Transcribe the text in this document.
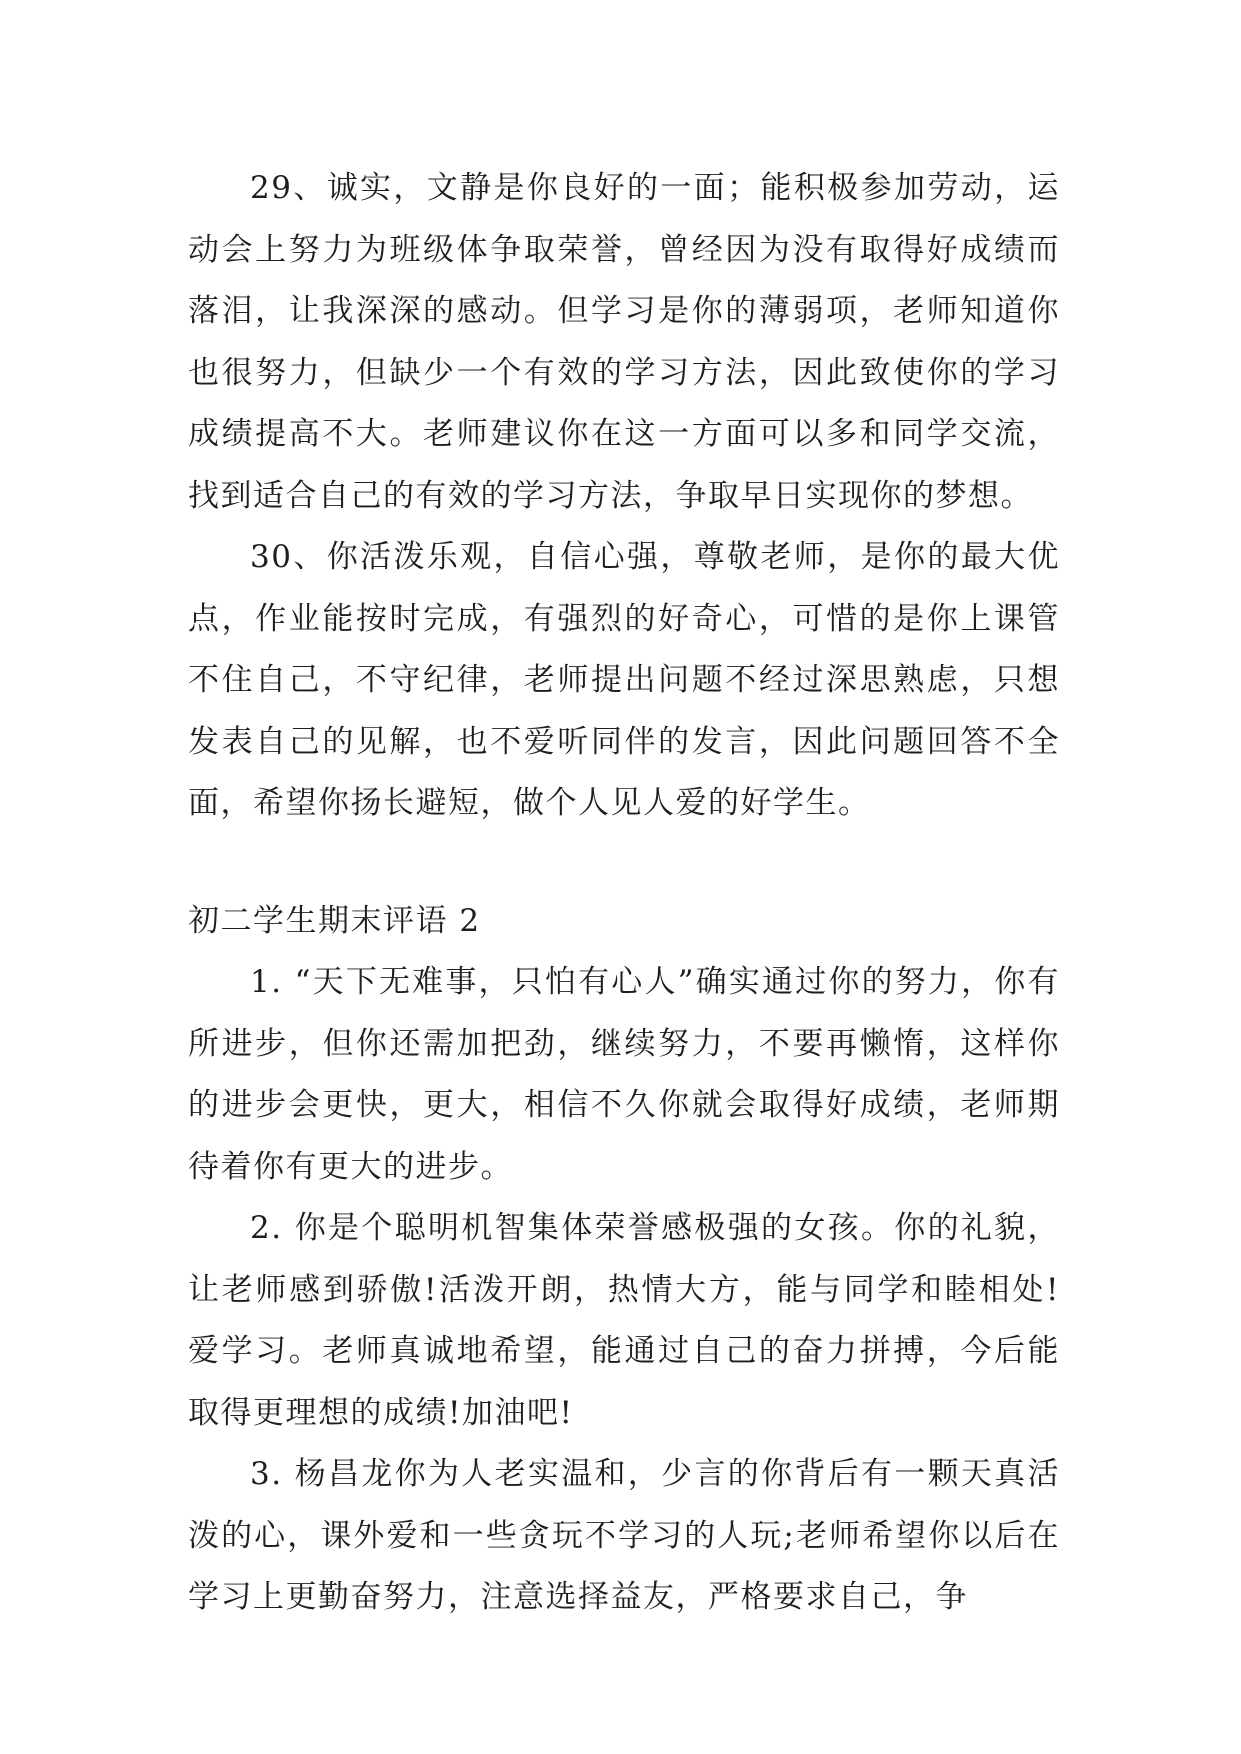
29、诚实，文静是你良好的一面；能积极参加劳动，运动会上努力为班级体争取荣誉，曾经因为没有取得好成绩而落泪，让我深深的感动。但学习是你的薄弱项，老师知道你也很努力，但缺少一个有效的学习方法，因此致使你的学习成绩提高不大。老师建议你在这一方面可以多和同学交流，找到适合自己的有效的学习方法，争取早日实现你的梦想。

30、你活泼乐观，自信心强，尊敬老师，是你的最大优点，作业能按时完成，有强烈的好奇心，可惜的是你上课管不住自己，不守纪律，老师提出问题不经过深思熟虑，只想发表自己的见解，也不爱听同伴的发言，因此问题回答不全面，希望你扬长避短，做个人见人爱的好学生。

初二学生期末评语 2

1. “天下无难事，只怕有心人”确实通过你的努力，你有所进步，但你还需加把劲，继续努力，不要再懒惰，这样你的进步会更快，更大，相信不久你就会取得好成绩，老师期待着你有更大的进步。

2. 你是个聪明机智集体荣誉感极强的女孩。你的礼貌，让老师感到骄傲!活泼开朗，热情大方，能与同学和睦相处!爱学习。老师真诚地希望，能通过自己的奋力拼搏，今后能取得更理想的成绩!加油吧!

3. 杨昌龙你为人老实温和，少言的你背后有一颗天真活泼的心，课外爱和一些贪玩不学习的人玩;老师希望你以后在学习上更勤奋努力，注意选择益友，严格要求自己，争
